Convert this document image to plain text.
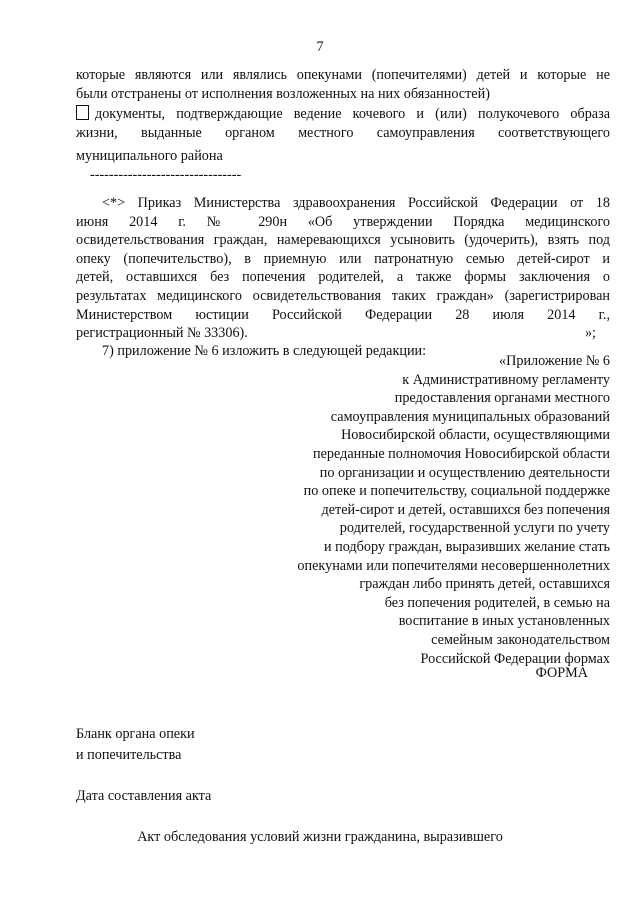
7
которые являются или являлись опекунами (попечителями) детей и которые не
были отстранены от исполнения возложенных на них обязанностей)
документы, подтверждающие ведение кочевого и (или) полукочевого образа
жизни, выданные органом местного самоуправления соответствующего
муниципального района
--------------------------------
<*> Приказ Министерства здравоохранения Российской Федерации от 18
июня 2014 г. № 290н «Об утверждении Порядка медицинского
освидетельствования граждан, намеревающихся усыновить (удочерить), взять под
опеку (попечительство), в приемную или патронатную семью детей-сирот и
детей, оставшихся без попечения родителей, а также формы заключения о
результатах медицинского освидетельствования таких граждан» (зарегистрирован
Министерством юстиции Российской Федерации 28 июля 2014 г.,
регистрационный № 33306).	»;
7) приложение № 6 изложить в следующей редакции:
«Приложение № 6
к Административному регламенту
предоставления органами местного
самоуправления муниципальных образований
Новосибирской области, осуществляющими
переданные полномочия Новосибирской области
по организации и осуществлению деятельности
по опеке и попечительству, социальной поддержке
детей-сирот и детей, оставшихся без попечения
родителей, государственной услуги по учету
и подбору граждан, выразивших желание стать
опекунами или попечителями несовершеннолетних
граждан либо принять детей, оставшихся
без попечения родителей, в семью на
воспитание в иных установленных
семейным законодательством
Российской Федерации формах
ФОРМА
Бланк органа опеки
и попечительства
Дата составления акта
Акт обследования условий жизни гражданина, выразившего
